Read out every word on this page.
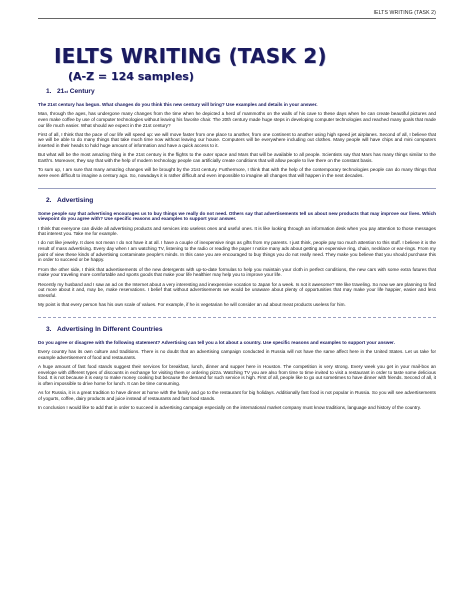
IELTS WRITING (TASK 2)
IELTS WRITING (TASK 2)
(A-Z = 124 samples)
1. 21st Century

The 21st century has begun. What changes do you think this new century will bring? Use examples and details in your answer.

Man, through the ages, has undergone many changes from the time when he depicted a herd of mammoths on the walls of his cave to these days when he can create beautiful pictures and even make coffee by use of computer technologies without leaving his favorite chair. The 20th century made huge steps in developing computer technologies and reached many goals that made our life much easier. What should we expect in the 21st century?

First of all, I think that the pace of our life will speed up: we will move faster from one place to another, from one continent to another using high speed jet airplanes. Second of all, I believe that we will be able to do many things that take much time now without leaving our house. Computers will be everywhere including out clothes. Many people will have chips and mini computers inserted in their heads to hold huge amount of information and have a quick access to it.

But what will be the most amazing thing in the 21st century is the flights to the outer space and Mars that will be available to all people. Scientists say that Mars has many things similar to the Earth's. Moreover, they say that with the help of modern technology people can artificially create conditions that will allow people to live there on the constant basis.

To sum up, I am sure that many amazing changes will be brought by the 21st century. Furthermore, I think that with the help of the contemporary technologies people can do many things that were even difficult to imagine a century ago. So, nowadays it is rather difficult and even impossible to imagine all changes that will happen in the next decades.

2. Advertising

Some people say that advertising encourages us to buy things we really do not need. Others say that advertisements tell us about new products that may improve our lives. Which viewpoint do you agree with? Use specific reasons and examples to support your answer.

I think that everyone can divide all advertising products and services into useless ones and useful ones. It is like looking through an information desk when you pay attention to those messages that interest you. Take me for example.

I do not like jewelry. It does not mean I do not have it at all. I have a couple of inexpensive rings as gifts from my parents. I just think, people pay too much attention to this stuff. I believe it is the result of mass advertising. Every day when I am watching TV, listening to the radio or reading the paper I notice many ads about getting an expensive ring, chain, necklace or ear-rings. From my point of view these kinds of advertising contaminate people's minds. In this case you are encouraged to buy things you do not really need. They make you believe that you should purchase this in order to succeed or be happy.

From the other side, I think that advertisements of the new detergents with up-to-date formulas to help you maintain your cloth in perfect conditions, the new cars with some extra futures that make your traveling more comfortable and sports goods that make your life healthier may help you to improve your life.

Recently my husband and I saw an ad on the Internet about a very interesting and inexpensive vocation to Japan for a week. Is not it awesome? We like traveling. So now we are planning to find out more about it and, may be, make reservations. I belief that without advertisements we would be unaware about plenty of opportunities that may make your life happier, easier and less stressful.

My point is that every person has his own scale of values. For example, if he is vegetarian he will consider an ad about meat products useless for him.

3. Advertising In Different Countries

Do you agree or disagree with the following statement? Advertising can tell you a lot about a country. Use specific reasons and examples to support your answer.

Every country has its own culture and traditions. There is no doubt that an advertising campaign conducted in Russia will not have the same affect here in the United States. Let us take for example advertisement of food and restaurants.

A huge amount of fast food stands suggest their services for breakfast, lunch, dinner and supper here in Houston. The competition is very strong. Every week you get in your mail-box an envelope with different types of discounts in exchange for visiting them or ordering pizza. Watching TV you are also from time to time invited to visit a restaurant in order to taste some delicious food. It is not because it is easy to make money cooking but because the demand for such service is high. First of all, people like to go out sometimes to have dinner with friends. Second of all, it is often impossible to drive home for lunch. It can be time consuming.

As for Russia, it is a great tradition to have dinner at home with the family and go to the restaurant for big holidays. Additionally fast food is not popular in Russia. So you will see advertisements of yogurts, coffee, dairy products and juice instead of restaurants and fast food stands.

In conclusion I would like to add that in order to succeed in advertising campaign especially on the international market company must know traditions, language and history of the country.
